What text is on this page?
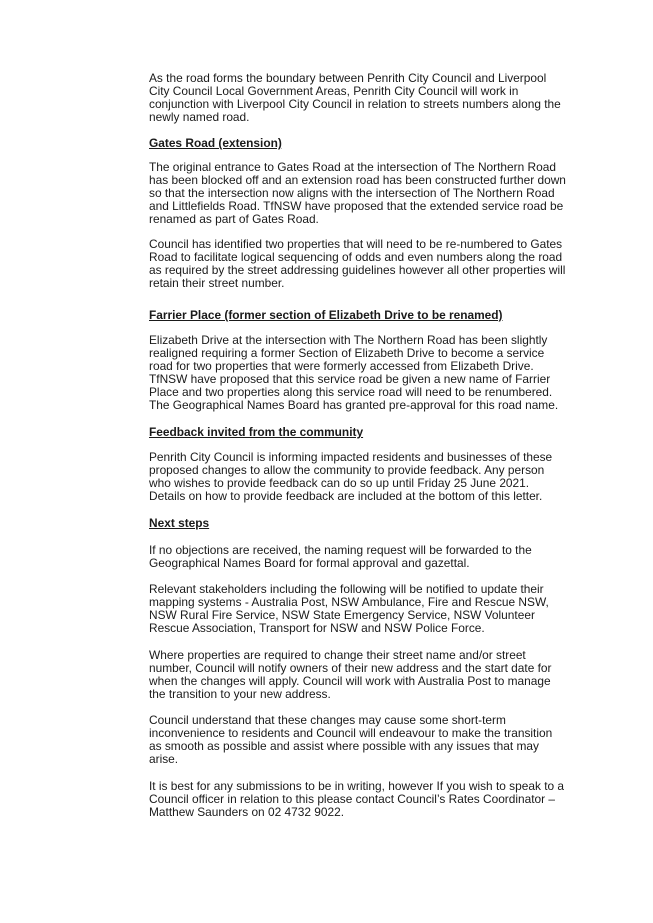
As the road forms the boundary between Penrith City Council and Liverpool
City Council Local Government Areas, Penrith City Council will work in
conjunction with Liverpool City Council in relation to streets numbers along the
newly named road.
Gates Road (extension)
The original entrance to Gates Road at the intersection of The Northern Road
has been blocked off and an extension road has been constructed further down
so that the intersection now aligns with the intersection of The Northern Road
and Littlefields Road. TfNSW have proposed that the extended service road be
renamed as part of Gates Road.
Council has identified two properties that will need to be re-numbered to Gates
Road to facilitate logical sequencing of odds and even numbers along the road
as required by the street addressing guidelines however all other properties will
retain their street number.
Farrier Place (former section of Elizabeth Drive to be renamed)
Elizabeth Drive at the intersection with The Northern Road has been slightly
realigned requiring a former Section of Elizabeth Drive to become a service
road for two properties that were formerly accessed from Elizabeth Drive.
TfNSW have proposed that this service road be given a new name of Farrier
Place and two properties along this service road will need to be renumbered.
The Geographical Names Board has granted pre-approval for this road name.
Feedback invited from the community
Penrith City Council is informing impacted residents and businesses of these
proposed changes to allow the community to provide feedback. Any person
who wishes to provide feedback can do so up until Friday 25 June 2021.
Details on how to provide feedback are included at the bottom of this letter.
Next steps
If no objections are received, the naming request will be forwarded to the
Geographical Names Board for formal approval and gazettal.
Relevant stakeholders including the following will be notified to update their
mapping systems - Australia Post, NSW Ambulance, Fire and Rescue NSW,
NSW Rural Fire Service, NSW State Emergency Service, NSW Volunteer
Rescue Association, Transport for NSW and NSW Police Force.
Where properties are required to change their street name and/or street
number, Council will notify owners of their new address and the start date for
when the changes will apply. Council will work with Australia Post to manage
the transition to your new address.
Council understand that these changes may cause some short-term
inconvenience to residents and Council will endeavour to make the transition
as smooth as possible and assist where possible with any issues that may
arise.
It is best for any submissions to be in writing, however If you wish to speak to a
Council officer in relation to this please contact Council’s Rates Coordinator –
Matthew Saunders on 02 4732 9022.
